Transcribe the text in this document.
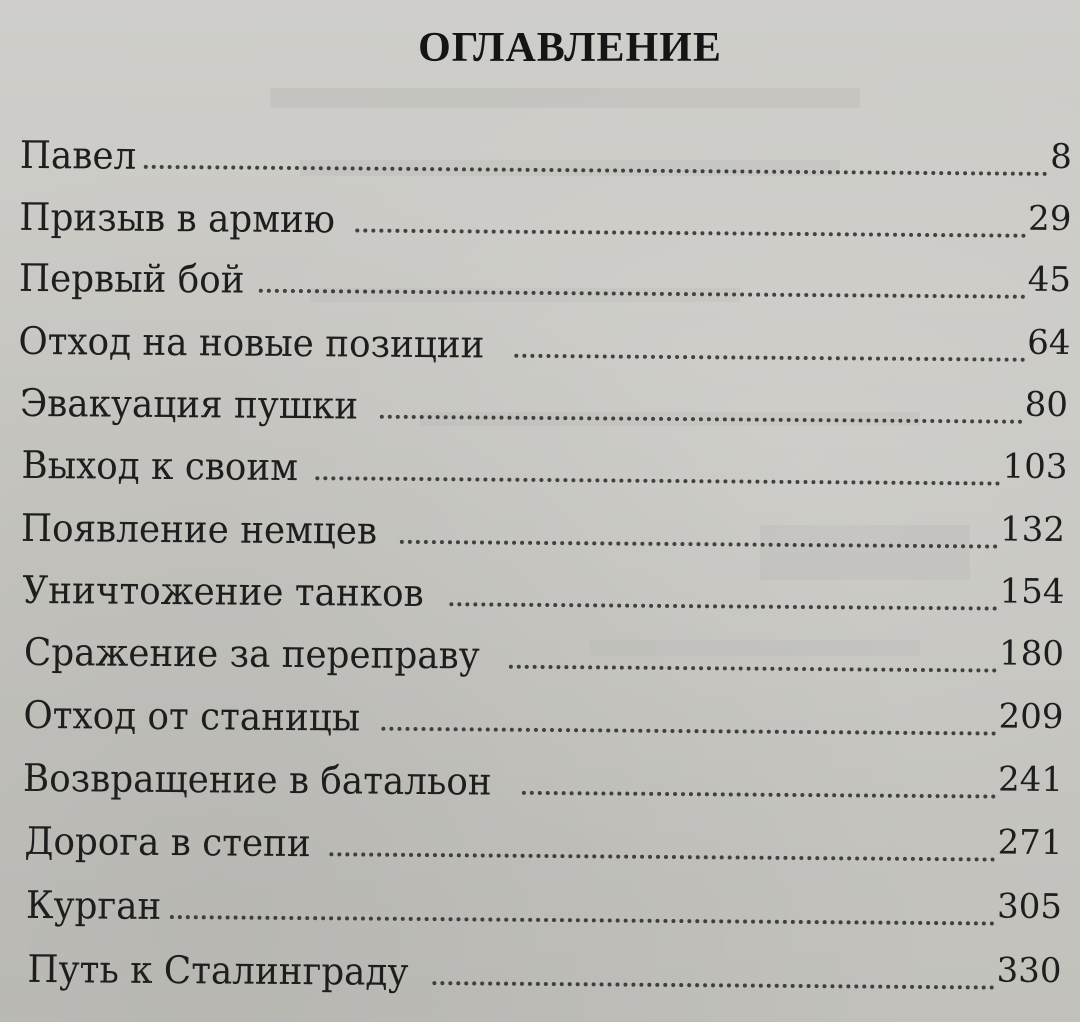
ОГЛАВЛЕНИЕ
Павел	8
Призыв в армию	29
Первый бой	45
Отход на новые позиции	64
Эвакуация пушки	80
Выход к своим	103
Появление немцев	132
Уничтожение танков	154
Сражение за переправу	180
Отход от станицы	209
Возвращение в батальон	241
Дорога в степи	271
Курган	305
Путь к Сталинграду	330
